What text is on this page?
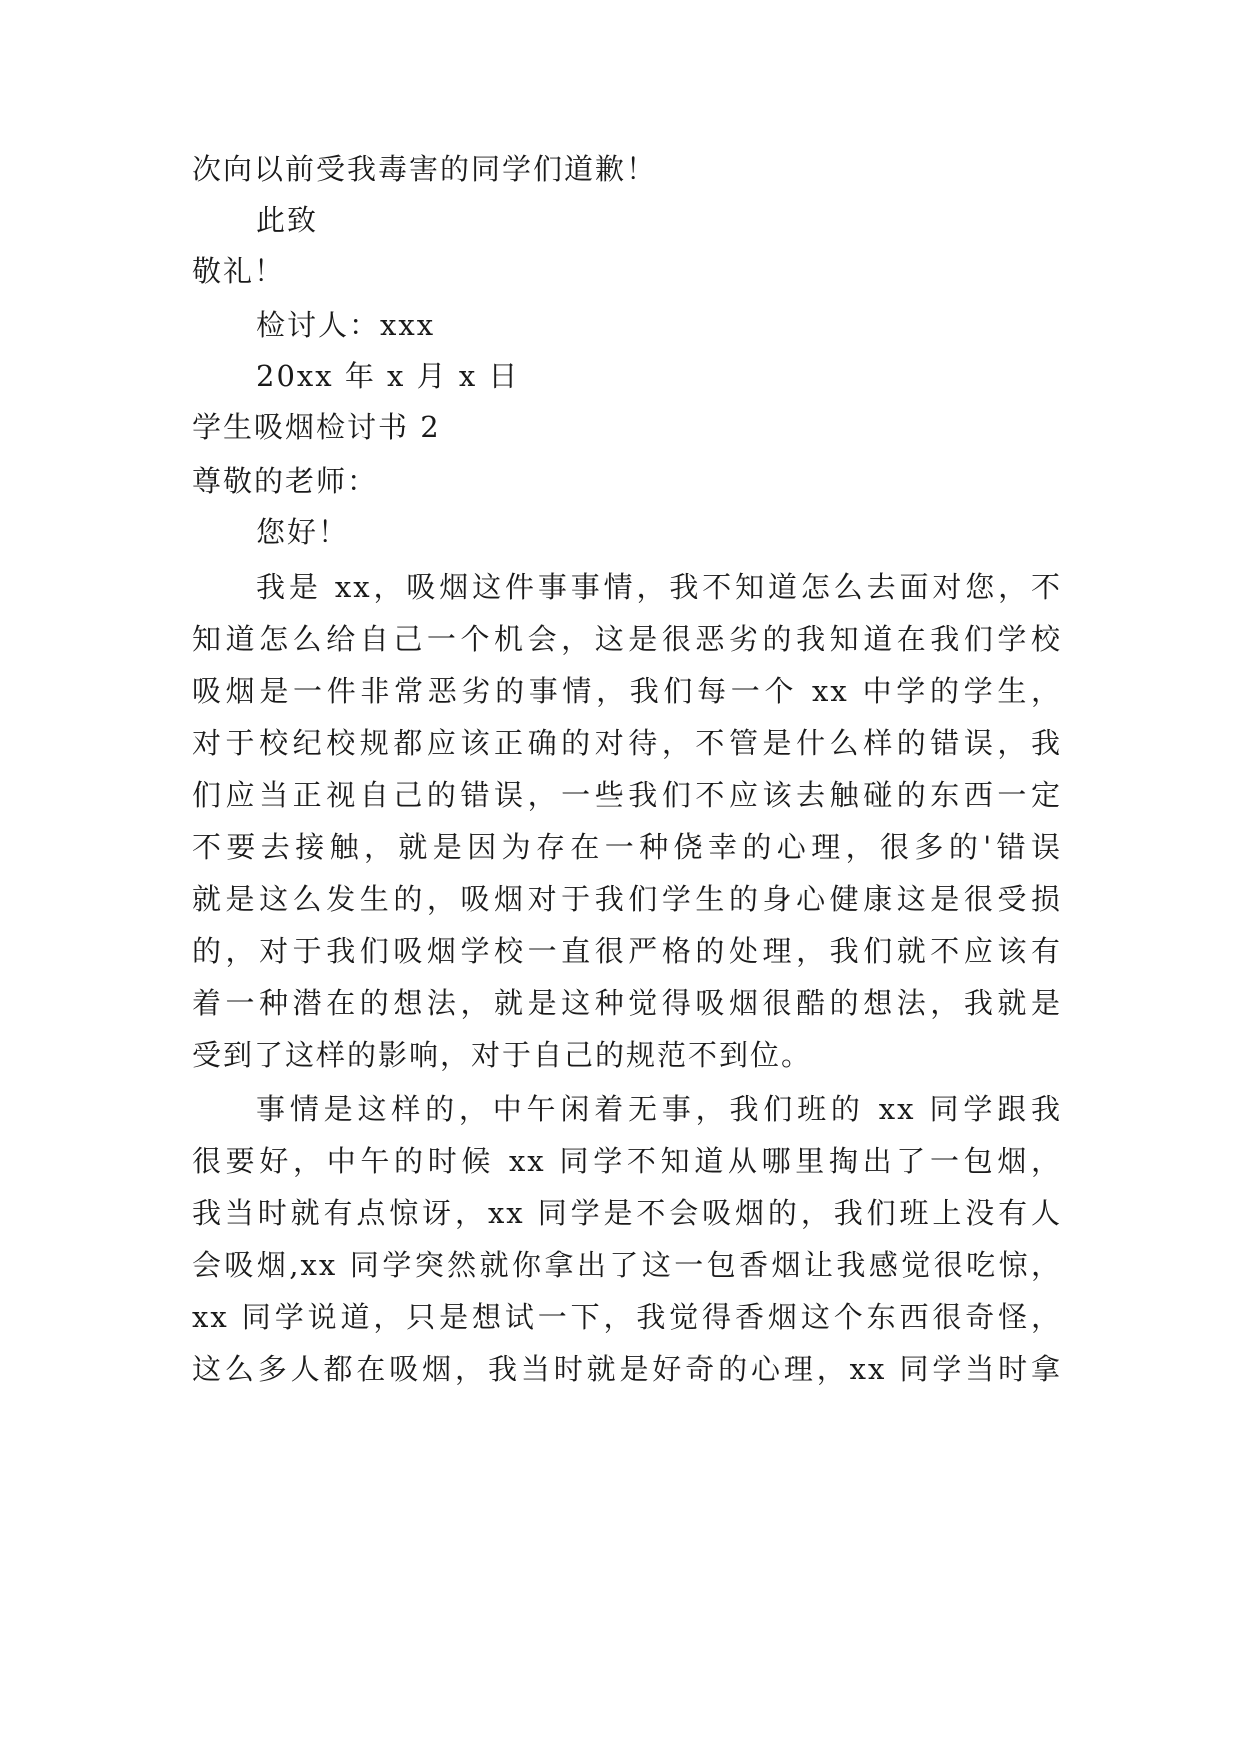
次向以前受我毒害的同学们道歉！
此致
敬礼！
检讨人：xxx
20xx 年 x 月 x 日
学生吸烟检讨书 2
尊敬的老师：
您好！
我是 xx，吸烟这件事事情，我不知道怎么去面对您，不
知道怎么给自己一个机会，这是很恶劣的我知道在我们学校
吸烟是一件非常恶劣的事情，我们每一个 xx 中学的学生，
对于校纪校规都应该正确的对待，不管是什么样的错误，我
们应当正视自己的错误，一些我们不应该去触碰的东西一定
不要去接触，就是因为存在一种侥幸的心理，很多的'错误
就是这么发生的，吸烟对于我们学生的身心健康这是很受损
的，对于我们吸烟学校一直很严格的处理，我们就不应该有
着一种潜在的想法，就是这种觉得吸烟很酷的想法，我就是
受到了这样的影响，对于自己的规范不到位。
事情是这样的，中午闲着无事，我们班的 xx 同学跟我
很要好，中午的时候 xx 同学不知道从哪里掏出了一包烟，
我当时就有点惊讶，xx 同学是不会吸烟的，我们班上没有人
会吸烟,xx 同学突然就你拿出了这一包香烟让我感觉很吃惊，
xx 同学说道，只是想试一下，我觉得香烟这个东西很奇怪，
这么多人都在吸烟，我当时就是好奇的心理，xx 同学当时拿
